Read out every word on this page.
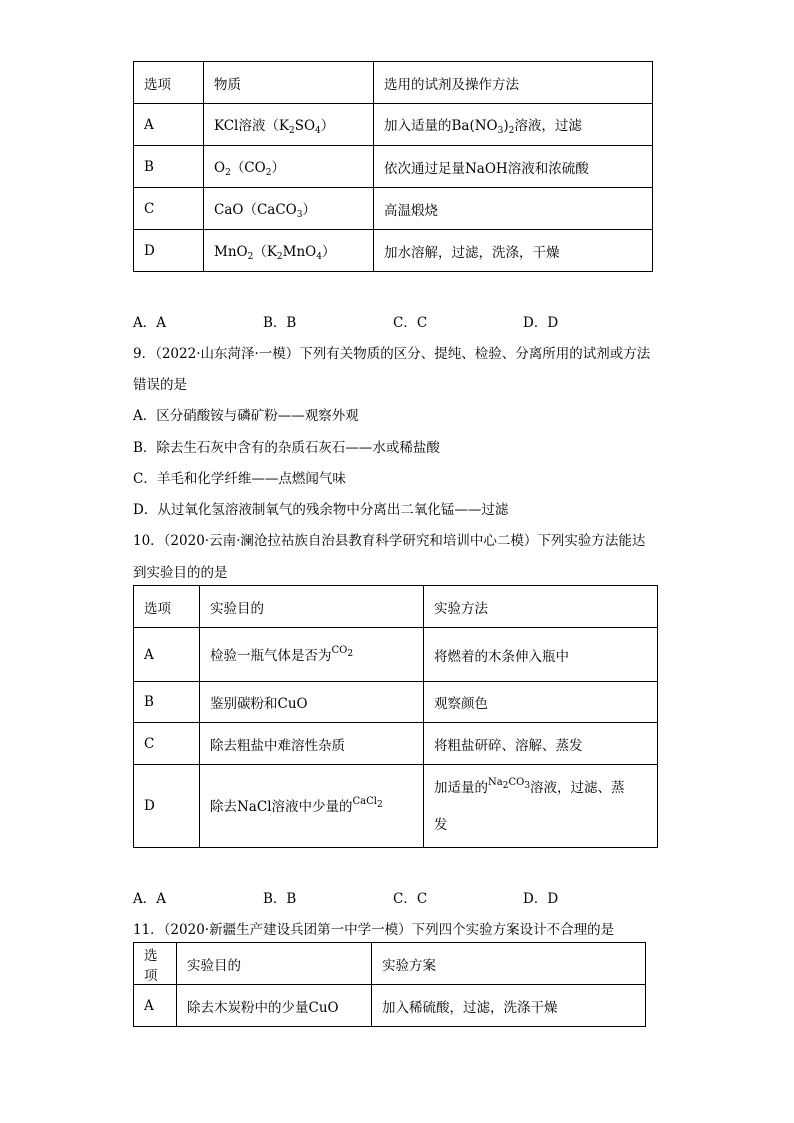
选项	物质	选用的试剂及操作方法
A	KCl溶液$(K_2SO_4)$	加入适量的$Ba(NO_3)_2$溶液，过滤
B	$O_2(CO_2)$	依次通过足量NaOH溶液和浓硫酸
C	CaO（CaCO$_3$）	高温煅烧
D	$MnO_2(K_2MnO_4)$	加水溶解，过滤，洗涤，干燥
A．A	B．B	C．C	D．D
9．（2022·山东菏泽·一模）下列有关物质的区分、提纯、检验、分离所用的试剂或方法
错误的是
A．区分硝酸铵与磷矿粉——观察外观
B．除去生石灰中含有的杂质石灰石——水或稀盐酸
C．羊毛和化学纤维——点燃闻气味
D．从过氧化氢溶液制氧气的残余物中分离出二氧化锰——过滤
10．（2020·云南·澜沧拉祜族自治县教育科学研究和培训中心二模）下列实验方法能达
到实验目的的是
选项	实验目的	实验方法
A	检验一瓶气体是否为$^{CO_2}$	将燃着的木条伸入瓶中
B	鉴别碳粉和CuO	观察颜色
C	除去粗盐中难溶性杂质	将粗盐研碎、溶解、蒸发
D	除去NaCl溶液中少量的$^{CaCl_2}$	加适量的$^{Na_2CO_3}$溶液，过滤、蒸
发
A．A	B．B	C．C	D．D
11．（2020·新疆生产建设兵团第一中学一模）下列四个实验方案设计不合理的是
选项	实验目的	实验方案
A	除去木炭粉中的少量CuO	加入稀硫酸，过滤，洗涤干燥
